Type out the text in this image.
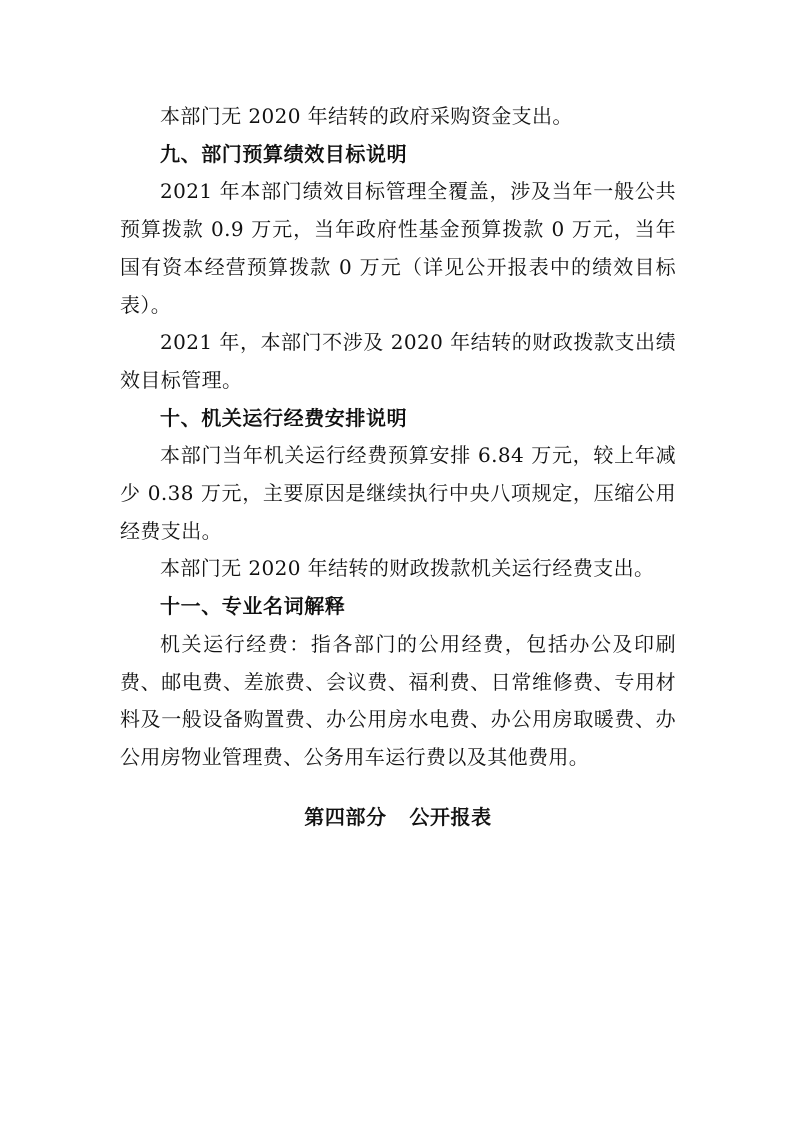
本部门无 2020 年结转的政府采购资金支出。

九、部门预算绩效目标说明

2021 年本部门绩效目标管理全覆盖，涉及当年一般公共预算拨款 0.9 万元，当年政府性基金预算拨款 0 万元，当年国有资本经营预算拨款 0 万元（详见公开报表中的绩效目标表）。

2021 年，本部门不涉及 2020 年结转的财政拨款支出绩效目标管理。

十、机关运行经费安排说明

本部门当年机关运行经费预算安排 6.84 万元，较上年减少 0.38 万元，主要原因是继续执行中央八项规定，压缩公用经费支出。

本部门无 2020 年结转的财政拨款机关运行经费支出。

十一、专业名词解释

机关运行经费：指各部门的公用经费，包括办公及印刷费、邮电费、差旅费、会议费、福利费、日常维修费、专用材料及一般设备购置费、办公用房水电费、办公用房取暖费、办公用房物业管理费、公务用车运行费以及其他费用。

第四部分   公开报表
